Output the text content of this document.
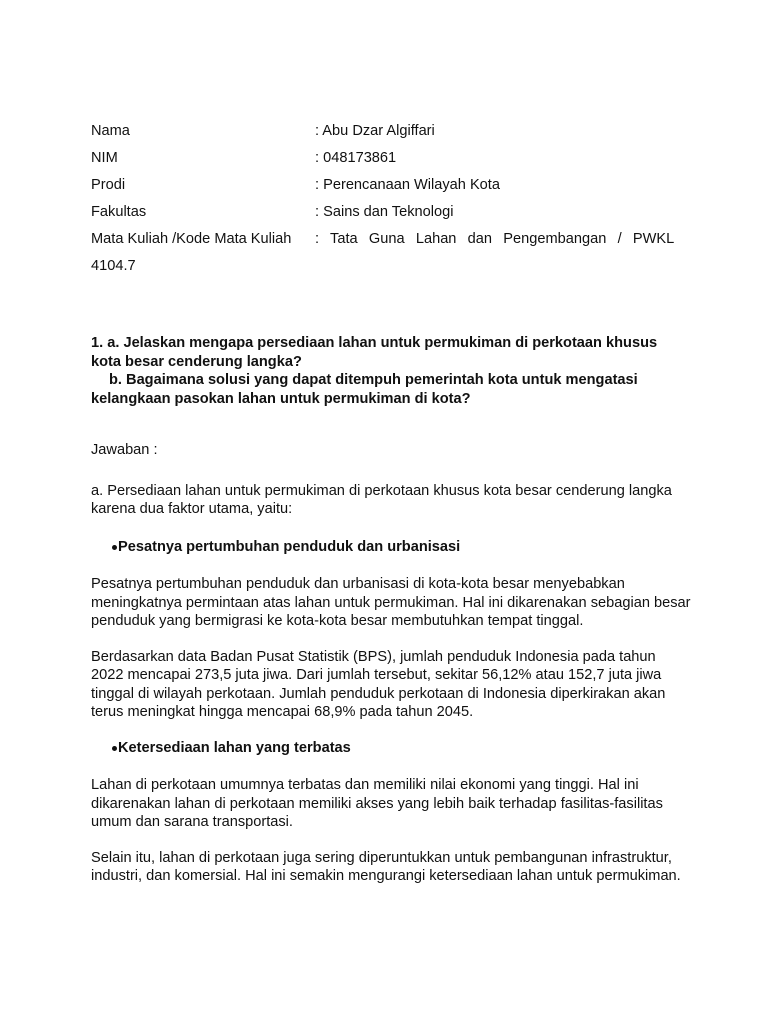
Nama	: Abu Dzar Algiffari
NIM	: 048173861
Prodi	: Perencanaan Wilayah Kota
Fakultas	: Sains dan Teknologi
Mata Kuliah /Kode Mata Kuliah : Tata Guna Lahan dan Pengembangan / PWKL
4104.7

1. a. Jelaskan mengapa persediaan lahan untuk permukiman di perkotaan khusus kota besar cenderung langka?

b. Bagaimana solusi yang dapat ditempuh pemerintah kota untuk mengatasi kelangkaan pasokan lahan untuk permukiman di kota?

Jawaban :

a. Persediaan lahan untuk permukiman di perkotaan khusus kota besar cenderung langka karena dua faktor utama, yaitu:

Pesatnya pertumbuhan penduduk dan urbanisasi

Pesatnya pertumbuhan penduduk dan urbanisasi di kota-kota besar menyebabkan meningkatnya permintaan atas lahan untuk permukiman. Hal ini dikarenakan sebagian besar penduduk yang bermigrasi ke kota-kota besar membutuhkan tempat tinggal.

Berdasarkan data Badan Pusat Statistik (BPS), jumlah penduduk Indonesia pada tahun 2022 mencapai 273,5 juta jiwa. Dari jumlah tersebut, sekitar 56,12% atau 152,7 juta jiwa tinggal di wilayah perkotaan. Jumlah penduduk perkotaan di Indonesia diperkirakan akan terus meningkat hingga mencapai 68,9% pada tahun 2045.

Ketersediaan lahan yang terbatas

Lahan di perkotaan umumnya terbatas dan memiliki nilai ekonomi yang tinggi. Hal ini dikarenakan lahan di perkotaan memiliki akses yang lebih baik terhadap fasilitas-fasilitas umum dan sarana transportasi.

Selain itu, lahan di perkotaan juga sering diperuntukkan untuk pembangunan infrastruktur, industri, dan komersial. Hal ini semakin mengurangi ketersediaan lahan untuk permukiman.
